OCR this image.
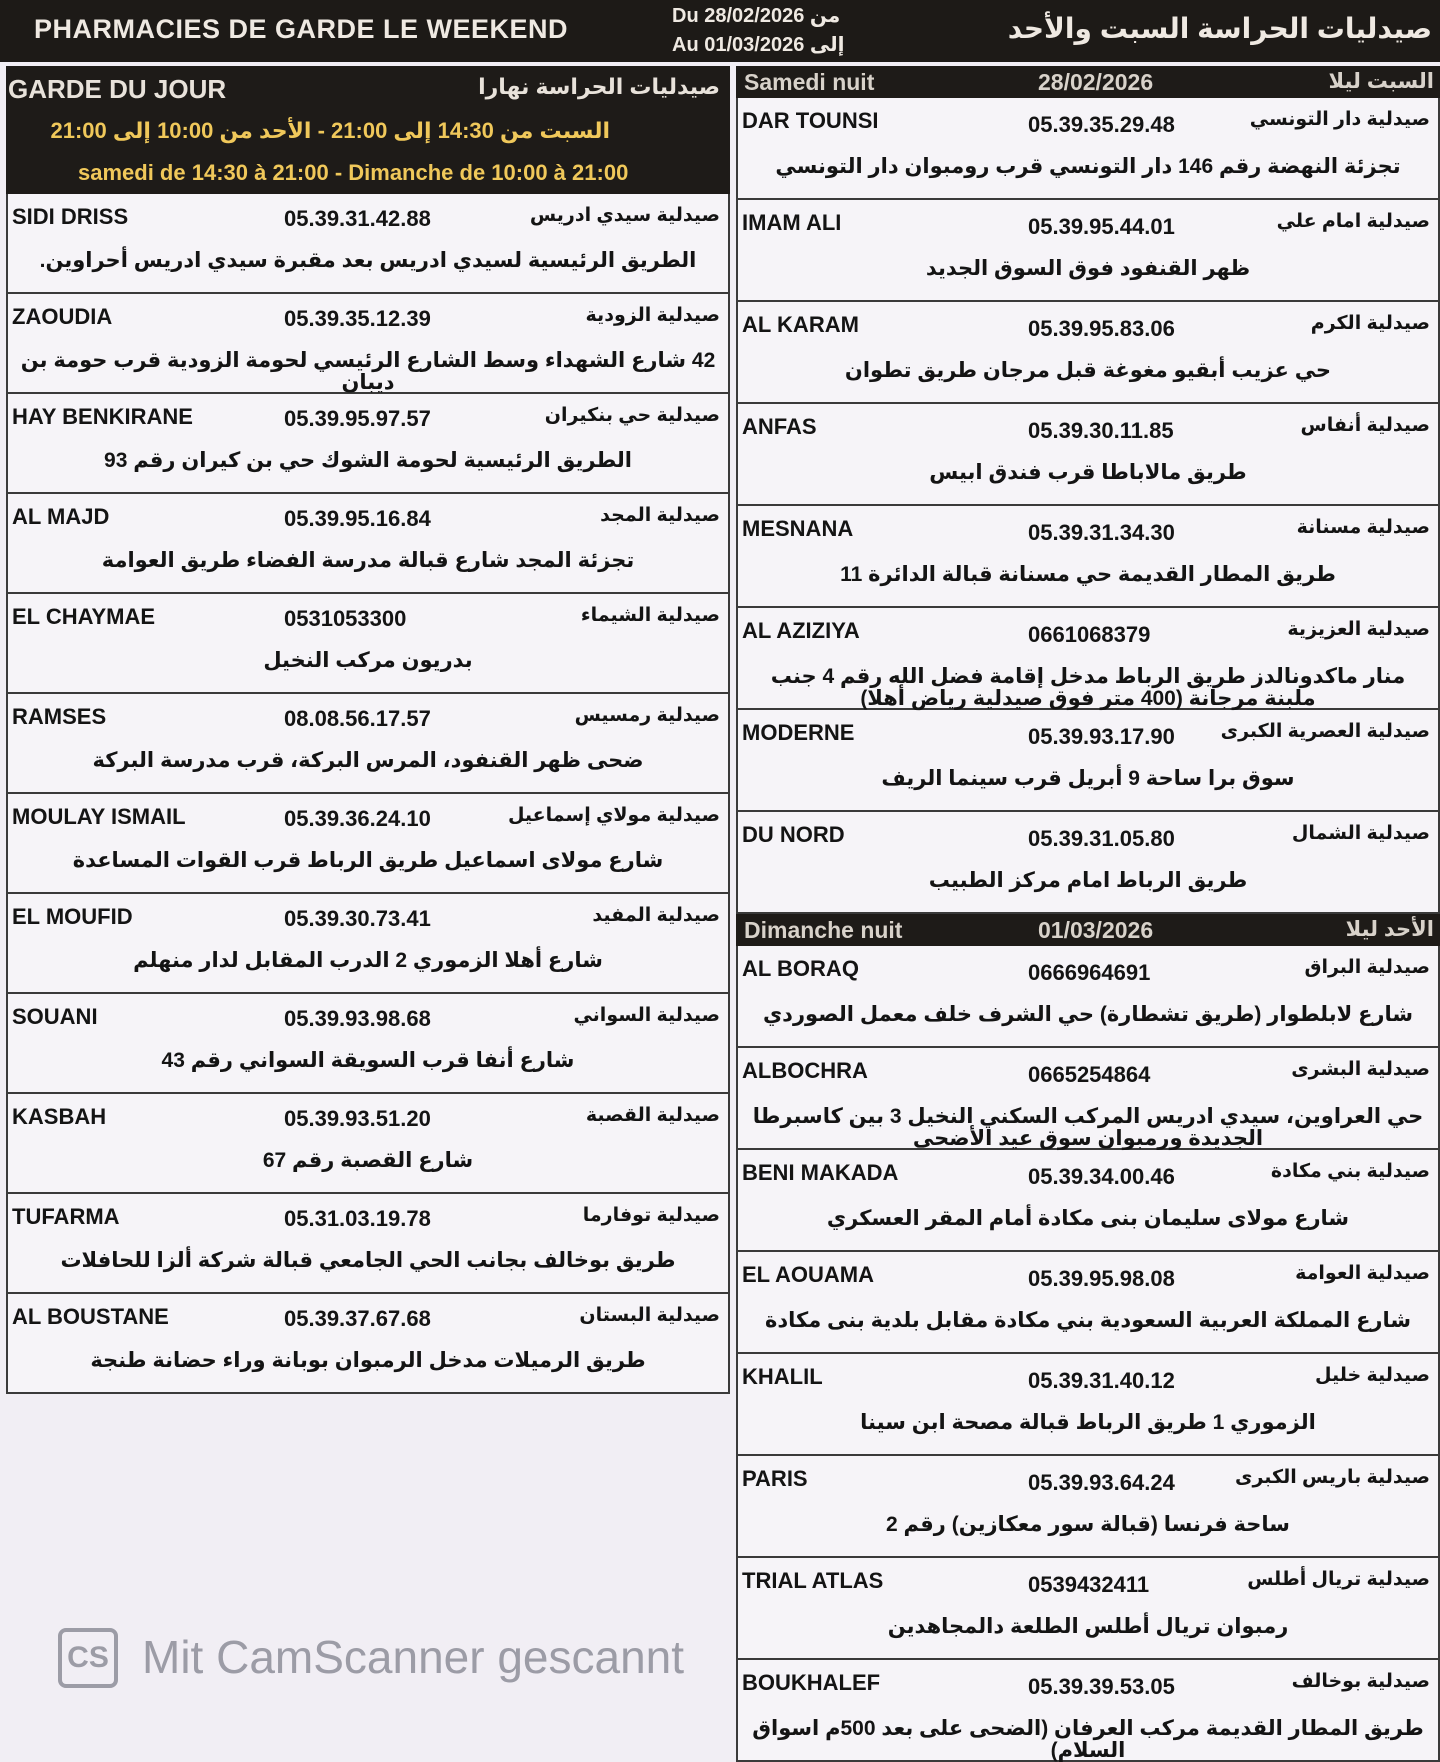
PHARMACIES DE GARDE LE WEEKEND	Du 28/02/2026 من
Au 01/03/2026 إلى
صيدليات الحراسة السبت والأحد
GARDE DU JOUR	صيدليات الحراسة نهارا
السبت من 14:30 إلى 21:00 - الأحد من 10:00 إلى 21:00
samedi de 14:30 à 21:00 - Dimanche de 10:00 à 21:00
SIDI DRISS	05.39.31.42.88	صيدلية سيدي ادريس
الطريق الرئيسية لسيدي ادريس بعد مقبرة سيدي ادريس أحراوين.
ZAOUDIA	05.39.35.12.39	صيدلية الزودية
42 شارع الشهداء وسط الشارع الرئيسي لحومة الزودية قرب حومة بن ديبان
HAY BENKIRANE	05.39.95.97.57	صيدلية حي بنكيران
الطريق الرئيسية لحومة الشوك حي بن كيران رقم 93
AL MAJD	05.39.95.16.84	صيدلية المجد
تجزئة المجد شارع قبالة مدرسة الفضاء طريق العوامة
EL CHAYMAE	0531053300	صيدلية الشيماء
بدريون مركب النخيل
RAMSES	08.08.56.17.57	صيدلية رمسيس
ضحى ظهر القنفود، المرس البركة، قرب مدرسة البركة
MOULAY ISMAIL	05.39.36.24.10	صيدلية مولاي إسماعيل
شارع مولاى اسماعيل طريق الرباط قرب القوات المساعدة
EL MOUFID	05.39.30.73.41	صيدلية المفيد
شارع أهلا الزموري 2 الدرب المقابل لدار منهلم
SOUANI	05.39.93.98.68	صيدلية السواني
شارع أنفا قرب السويقة السواني رقم 43
KASBAH	05.39.93.51.20	صيدلية القصبة
شارع القصبة رقم 67
TUFARMA	05.31.03.19.78	صيدلية توفارما
طريق بوخالف بجانب الحي الجامعي قبالة شركة ألزا للحافلات
AL BOUSTANE	05.39.37.67.68	صيدلية البستان
طريق الرميلات مدخل الرمبوان بوبانة وراء حضانة طنجة
Samedi nuit	28/02/2026	السبت ليلا
DAR TOUNSI	05.39.35.29.48	صيدلية دار التونسي
تجزئة النهضة رقم 146 دار التونسي قرب رومبوان دار التونسي
IMAM ALI	05.39.95.44.01	صيدلية امام علي
ظهر القنفود فوق السوق الجديد
AL KARAM	05.39.95.83.06	صيدلية الكرم
حي عزيب أبقيو مغوغة قبل مرجان طريق تطوان
ANFAS	05.39.30.11.85	صيدلية أنفاس
طريق مالاباطا قرب فندق ابيس
MESNANA	05.39.31.34.30	صيدلية مسنانة
طريق المطار القديمة حي مسنانة قبالة الدائرة 11
AL AZIZIYA	0661068379	صيدلية العزيزية
منار ماكدونالدز طريق الرباط مدخل إقامة فضل الله رقم 4 جنب ملبنة مرجانة (400 متر فوق صيدلية رياض أهلا)
MODERNE	05.39.93.17.90 صيدلية العصرية الكبرى
سوق برا ساحة 9 أبريل قرب سينما الريف
DU NORD	05.39.31.05.80	صيدلية الشمال
طريق الرباط امام مركز الطبيب
Dimanche nuit	01/03/2026	الأحد ليلا
AL BORAQ	0666964691	صيدلية البراق
شارع لابلطوار (طريق تشطارة) حي الشرف خلف معمل الصوردي
ALBOCHRA	0665254864	صيدلية البشرى
حي العراوين، سيدي ادريس المركب السكني النخيل 3 بين كاسبرطا الجديدة ورمبوان سوق عيد الأضحى
BENI MAKADA	05.39.34.00.46	صيدلية بني مكادة
شارع مولاى سليمان بنى مكادة أمام المقر العسكري
EL AOUAMA	05.39.95.98.08	صيدلية العوامة
شارع المملكة العربية السعودية بني مكادة مقابل بلدية بنى مكادة
KHALIL	05.39.31.40.12	صيدلية خليل
الزموري 1 طريق الرباط قبالة مصحة ابن سينا
PARIS	05.39.93.64.24	صيدلية باريس الكبرى
ساحة فرنسا (قبالة سور معكازين) رقم 2
TRIAL ATLAS	0539432411	صيدلية تريال أطلس
رمبوان تريال أطلس الطلعة دالمجاهدين
BOUKHALEF	05.39.39.53.05	صيدلية بوخالف
طريق المطار القديمة مركب العرفان (الضحى على بعد 500م اسواق السلام)
CS Mit CamScanner gescannt
